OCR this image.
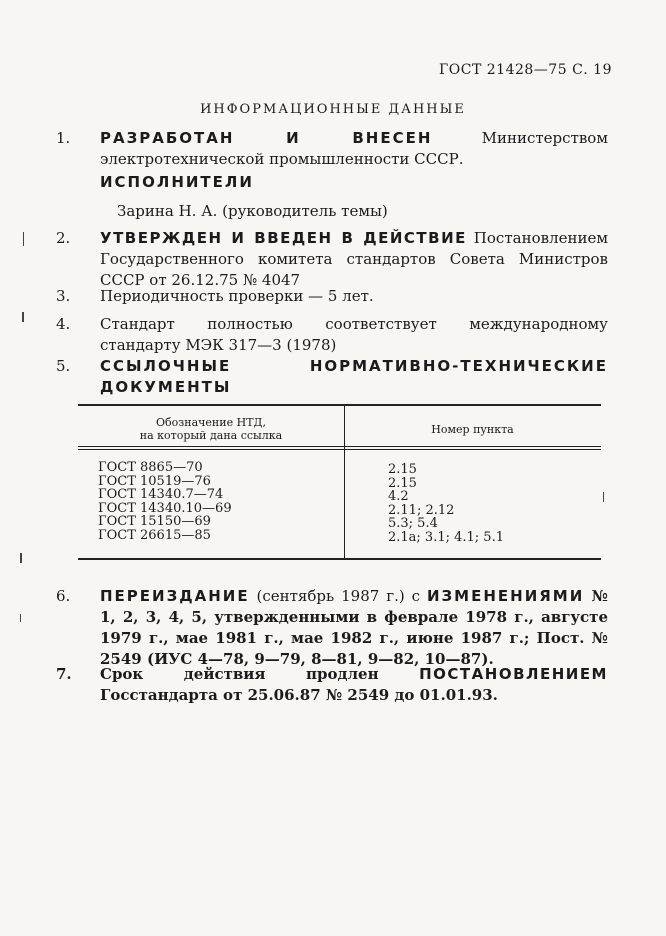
ГОСТ 21428—75 С. 19
ИНФОРМАЦИОННЫЕ ДАННЫЕ
1. РАЗРАБОТАН И ВНЕСЕН Министерством электротехнической промышленности СССР.
ИСПОЛНИТЕЛИ
Зарина Н. А. (руководитель темы)
2. УТВЕРЖДЕН И ВВЕДЕН В ДЕЙСТВИЕ Постановлением Государственного комитета стандартов Совета Министров СССР от 26.12.75 № 4047
3. Периодичность проверки — 5 лет.
4. Стандарт полностью соответствует международному стандарту МЭК 317—3 (1978)
5. ССЫЛОЧНЫЕ НОРМАТИВНО-ТЕХНИЧЕСКИЕ ДОКУМЕНТЫ
Обозначение НТД,
на который дана ссылка	Номер пункта
ГОСТ 8865—70
ГОСТ 10519—76
ГОСТ 14340.7—74
ГОСТ 14340.10—69
ГОСТ 15150—69
ГОСТ 26615—85
2.15
2.15
4.2
2.11; 2.12
5.3; 5.4
2.1а; 3.1; 4.1; 5.1
6. ПЕРЕИЗДАНИЕ (сентябрь 1987 г.) с ИЗМЕНЕНИЯМИ № 1, 2, 3, 4, 5, утвержденными в феврале 1978 г., августе 1979 г., мае 1981 г., мае 1982 г., июне 1987 г.; Пост. № 2549 (ИУС 4—78, 9—79, 8—81, 9—82, 10—87).
7. Срок действия продлен ПОСТАНОВЛЕНИЕМ Госстандарта от 25.06.87 № 2549 до 01.01.93.
